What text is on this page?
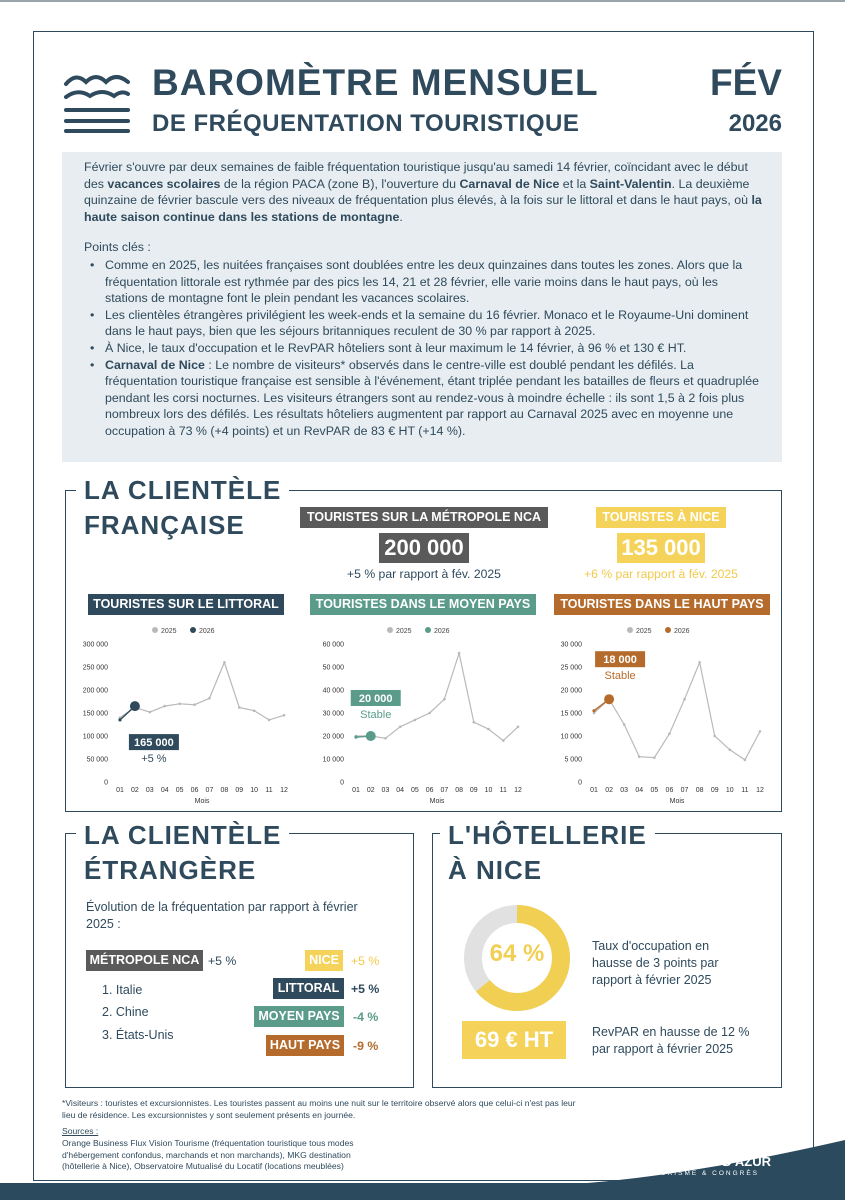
BAROMÈTRE MENSUEL
DE FRÉQUENTATION TOURISTIQUE
FÉV
2026

Février s'ouvre par deux semaines de faible fréquentation touristique jusqu'au samedi 14 février, coïncidant avec le début des vacances scolaires de la région PACA (zone B), l'ouverture du Carnaval de Nice et la Saint-Valentin. La deuxième quinzaine de février bascule vers des niveaux de fréquentation plus élevés, à la fois sur le littoral et dans le haut pays, où la haute saison continue dans les stations de montagne.

Points clés :

• Comme en 2025, les nuitées françaises sont doublées entre les deux quinzaines dans toutes les zones. Alors que la fréquentation littorale est rythmée par des pics les 14, 21 et 28 février, elle varie moins dans le haut pays, où les stations de montagne font le plein pendant les vacances scolaires.
• Les clientèles étrangères privilégient les week-ends et la semaine du 16 février. Monaco et le Royaume-Uni dominent dans le haut pays, bien que les séjours britanniques reculent de 30 % par rapport à 2025.
• À Nice, le taux d'occupation et le RevPAR hôteliers sont à leur maximum le 14 février, à 96 % et 130 € HT.
• Carnaval de Nice : Le nombre de visiteurs* observés dans le centre-ville est doublé pendant les défilés. La fréquentation touristique française est sensible à l'événement, étant triplée pendant les batailles de fleurs et quadruplée pendant les corsi nocturnes. Les visiteurs étrangers sont au rendez-vous à moindre échelle : ils sont 1,5 à 2 fois plus nombreux lors des défilés. Les résultats hôteliers augmentent par rapport au Carnaval 2025 avec en moyenne une occupation à 73 % (+4 points) et un RevPAR de 83 € HT (+14 %).
LA CLIENTÈLE
FRANÇAISE	TOURISTES SUR LA MÉTROPOLE NCA
200 000
+5 % par rapport à fév. 2025
TOURISTES À NICE
135 000
+6 % par rapport à fév. 2025
TOURISTES SUR LE LITTORAL	TOURISTES DANS LE MOYEN PAYS	TOURISTES DANS LE HAUT PAYS
2025	2026
0
50 000
100 000
150 000
200 000
250 000
300 000
01 02 03 04 05 06 07 08 09 10 11 12
Mois
165 000
+5 %
2025	2026
0
10 000
20 000
30 000
40 000
50 000
60 000
01 02 03 04 05 06 07 08 09 10 11 12
Mois
20 000
Stable
2025	2026
0
5 000
10 000
15 000
20 000
25 000
30 000
01 02 03 04 05 06 07 08 09 10 11 12
Mois
18 000
Stable
LA CLIENTÈLE
ÉTRANGÈRE
Évolution de la fréquentation par rapport à février 2025 :
MÉTROPOLE NCA +5 %
1. Italie
2. Chine
3. États-Unis
NICE +5 %
LITTORAL +5 %
MOYEN PAYS	-4 %
HAUT PAYS	-9 %
L'HÔTELLERIE
À NICE
64 %	Taux d'occupation en hausse de 3 points par rapport à février 2025
69 € HT	RevPAR en hausse de 12 % par rapport à février 2025
*Visiteurs : touristes et excursionnistes. Les touristes passent au moins une nuit sur le territoire observé alors que celui-ci n'est pas leur lieu de résidence. Les excursionnistes y sont seulement présents en journée.
Sources :
Orange Business Flux Vision Tourisme (fréquentation touristique tous modes d'hébergement confondus, marchands et non marchands), MKG destination (hôtellerie à Nice), Observatoire Mutualisé du Locatif (locations meublées)
EXPLORE
NICE CÔTE D'AZUR
TOURISME & CONGRÈS
